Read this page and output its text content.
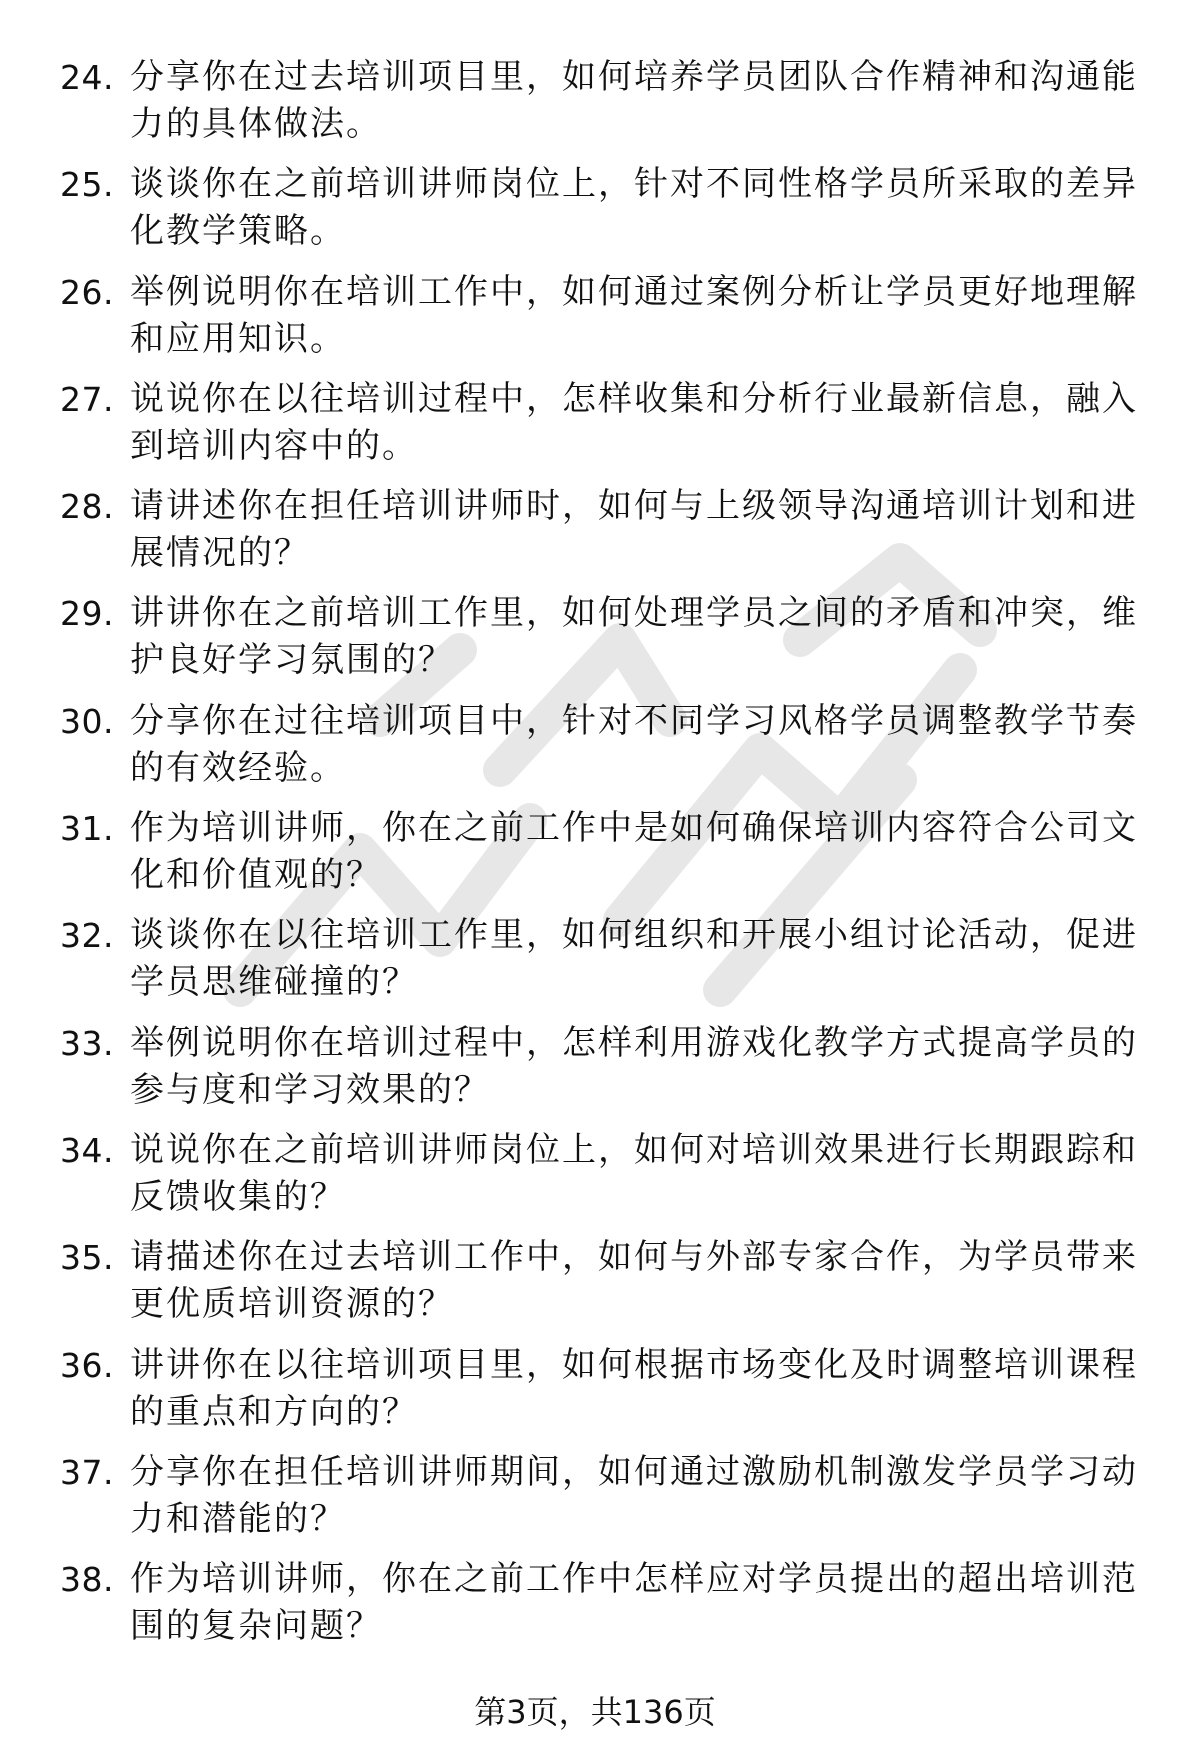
24. 分享你在过去培训项目里，如何培养学员团队合作精神和沟通能力的具体做法。
25. 谈谈你在之前培训讲师岗位上，针对不同性格学员所采取的差异化教学策略。
26. 举例说明你在培训工作中，如何通过案例分析让学员更好地理解和应用知识。
27. 说说你在以往培训过程中，怎样收集和分析行业最新信息，融入到培训内容中的。
28. 请讲述你在担任培训讲师时，如何与上级领导沟通培训计划和进展情况的？
29. 讲讲你在之前培训工作里，如何处理学员之间的矛盾和冲突，维护良好学习氛围的？
30. 分享你在过往培训项目中，针对不同学习风格学员调整教学节奏的有效经验。
31. 作为培训讲师，你在之前工作中是如何确保培训内容符合公司文化和价值观的？
32. 谈谈你在以往培训工作里，如何组织和开展小组讨论活动，促进学员思维碰撞的？
33. 举例说明你在培训过程中，怎样利用游戏化教学方式提高学员的参与度和学习效果的？
34. 说说你在之前培训讲师岗位上，如何对培训效果进行长期跟踪和反馈收集的？
35. 请描述你在过去培训工作中，如何与外部专家合作，为学员带来更优质培训资源的？
36. 讲讲你在以往培训项目里，如何根据市场变化及时调整培训课程的重点和方向的？
37. 分享你在担任培训讲师期间，如何通过激励机制激发学员学习动力和潜能的？
38. 作为培训讲师，你在之前工作中怎样应对学员提出的超出培训范围的复杂问题？
第3页，共136页
